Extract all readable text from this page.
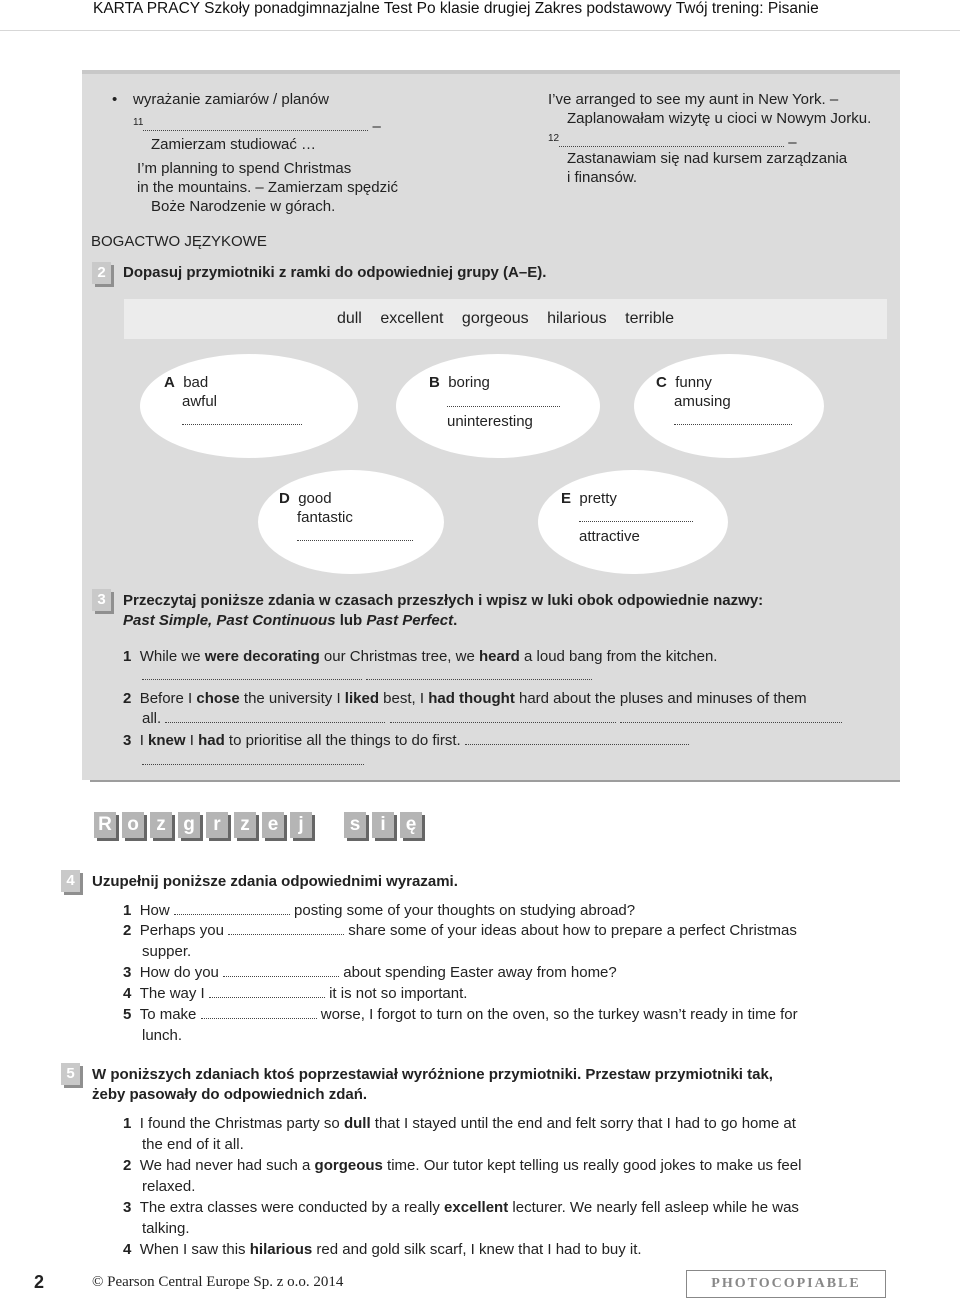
KARTA PRACY Szkoły ponadgimnazjalne Test Po klasie drugiej Zakres podstawowy Twój trening: Pisanie
• wyrażanie zamiarów / planów
$^{11}$	–
Zamierzam studiować …
I’m planning to spend Christmas
in the mountains. – Zamierzam spędzić
Boże Narodzenie w górach.
I’ve arranged to see my aunt in New York. –
Zaplanowałam wizytę u cioci w Nowym Jorku.
$^{12}$	–
Zastanawiam się nad kursem zarządzania
i finansów.
BOGACTWO JĘZYKOWE
2	Dopasuj przymiotniki z ramki do odpowiedniej grupy (A–E).
dull excellent gorgeous hilarious terrible
A bad
awful
B boring
uninteresting
C funny
amusing
D good
fantastic
E pretty
attractive
3	Przeczytaj poniższe zdania w czasach przeszłych i wpisz w luki obok odpowiednie nazwy:
Past Simple, Past Continuous lub Past Perfect.
1 While we were decorating our Christmas tree, we heard a loud bang from the kitchen.

2 Before I chose the university I liked best, I had thought hard about the pluses and minuses of them
all.
3 I knew I had to prioritise all the things to do first.
R o z g r	z e	j	s	i	ę
4	Uzupełnij poniższe zdania odpowiednimi wyrazami.
1 How	posting some of your thoughts on studying abroad?
2 Perhaps you	share some of your ideas about how to prepare a perfect Christmas
supper.
3 How do you	about spending Easter away from home?
4 The way I	it is not so important.
5 To make	worse, I forgot to turn on the oven, so the turkey wasn’t ready in time for
lunch.
5	W poniższych zdaniach ktoś poprzestawiał wyróżnione przymiotniki. Przestaw przymiotniki tak,
żeby pasowały do odpowiednich zdań.
1 I found the Christmas party so dull that I stayed until the end and felt sorry that I had to go home at
the end of it all.
2 We had never had such a gorgeous time. Our tutor kept telling us really good jokes to make us feel
relaxed.
3 The extra classes were conducted by a really excellent lecturer. We nearly fell asleep while he was
talking.
4 When I saw this hilarious red and gold silk scarf, I knew that I had to buy it.
2	© Pearson Central Europe Sp. z o.o. 2014	PHOTOCOPIABLE
